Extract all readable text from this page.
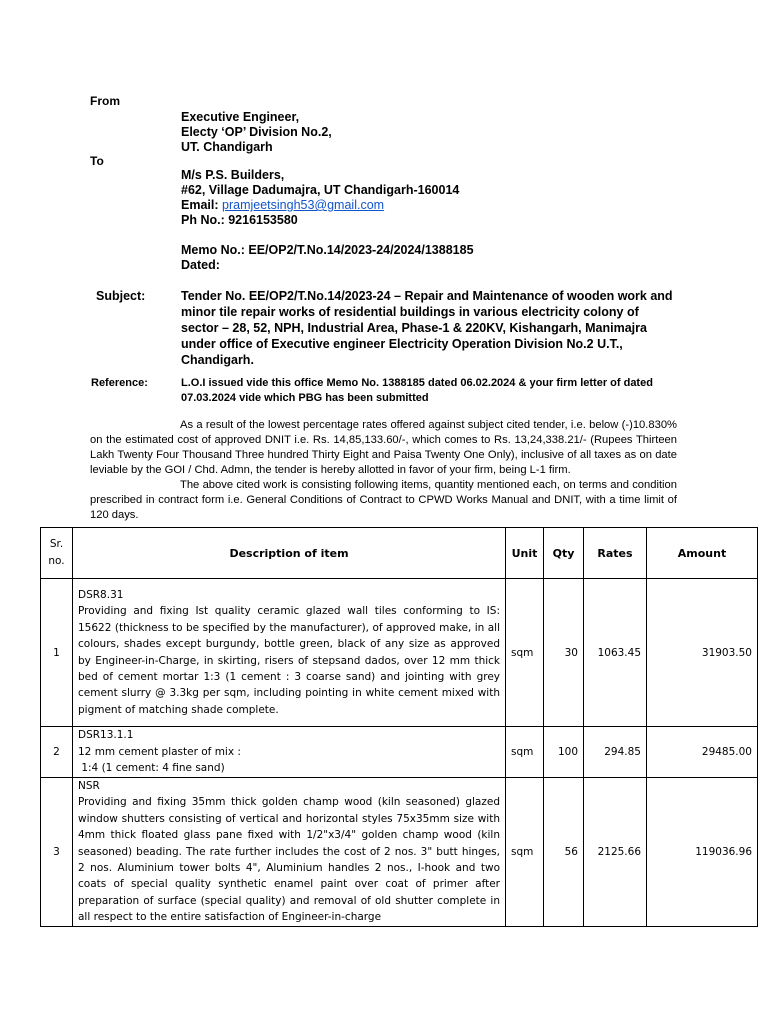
From
Executive Engineer,
Electy ‘OP’ Division No.2,
UT. Chandigarh
To
M/s P.S. Builders,
#62, Village Dadumajra, UT Chandigarh-160014
Email: pramjeetsingh53@gmail.com
Ph No.: 9216153580
Memo No.: EE/OP2/T.No.14/2023-24/2024/1388185
Dated:
Subject:	Tender No. EE/OP2/T.No.14/2023-24 – Repair and Maintenance of wooden work and
minor tile repair works of residential buildings in various electricity colony of
sector – 28, 52, NPH, Industrial Area, Phase-1 & 220KV, Kishangarh, Manimajra
under office of Executive engineer Electricity Operation Division No.2 U.T.,
Chandigarh.
Reference:	L.O.I issued vide this office Memo No. 1388185 dated 06.02.2024 & your firm letter of dated
07.03.2024 vide which PBG has been submitted

As a result of the lowest percentage rates offered against subject cited tender, i.e. below (-)10.830% on the estimated cost of approved DNIT i.e. Rs. 14,85,133.60/-, which comes to Rs. 13,24,338.21/- (Rupees Thirteen Lakh Twenty Four Thousand Three hundred Thirty Eight and Paisa Twenty One Only), inclusive of all taxes as on date leviable by the GOI / Chd. Admn, the tender is hereby allotted in favor of your firm, being L-1 firm.

The above cited work is consisting following items, quantity mentioned each, on terms and condition prescribed in contract form i.e. General Conditions of Contract to CPWD Works Manual and DNIT, with a time limit of 120 days.

Sr.
no.	Description of item	Unit	Qty	Rates	Amount
1	DSR8.31
Providing and fixing Ist quality ceramic glazed wall tiles conforming to IS: 15622 (thickness to be specified by the manufacturer), of approved make, in all colours, shades except burgundy, bottle green, black of any size as approved by Engineer-in-Charge, in skirting, risers of stepsand dados, over 12 mm thick bed of cement mortar 1:3 (1 cement : 3 coarse sand) and jointing with grey cement slurry @ 3.3kg per sqm, including pointing in white cement mixed with pigment of matching shade complete.	sqm	30	1063.45	31903.50
2	DSR13.1.1
12 mm cement plaster of mix :
1:4 (1 cement: 4 fine sand)	sqm	100	294.85	29485.00
3	NSR
Providing and fixing 35mm thick golden champ wood (kiln seasoned) glazed window shutters consisting of vertical and horizontal styles 75x35mm size with 4mm thick floated glass pane fixed with 1/2"x3/4" golden champ wood (kiln seasoned) beading. The rate further includes the cost of 2 nos. 3" butt hinges, 2 nos. Aluminium tower bolts 4", Aluminium handles 2 nos., I-hook and two coats of special quality synthetic enamel paint over coat of primer after preparation of surface (special quality) and removal of old shutter complete in all respect to the entire satisfaction of Engineer-in-charge	sqm	56	2125.66	119036.96
